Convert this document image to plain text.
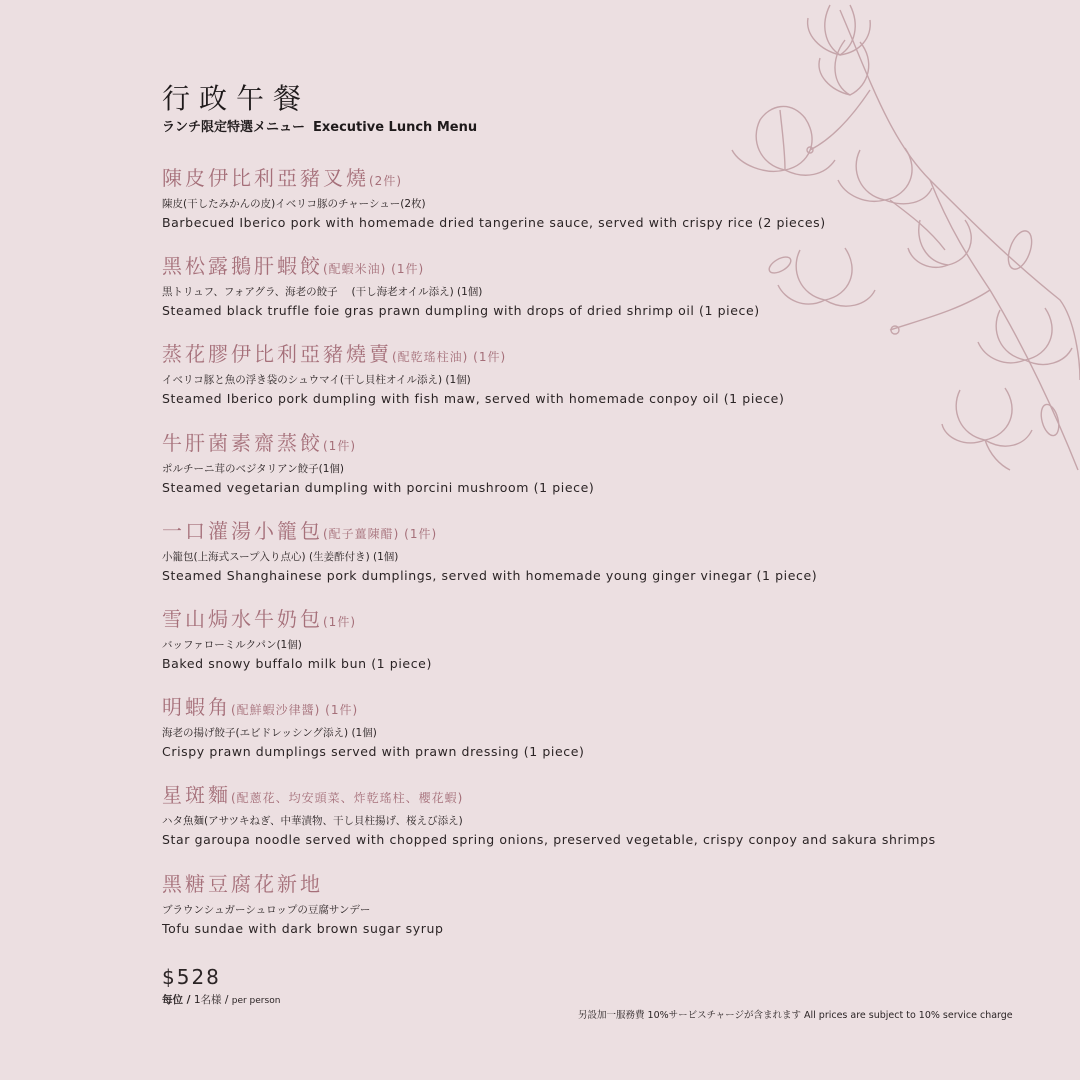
行政午餐
ランチ限定特選メニュー Executive Lunch Menu
陳皮伊比利亞豬叉燒(2件)
陳皮(干したみかんの皮)イベリコ豚のチャーシュー(2枚)
Barbecued Iberico pork with homemade dried tangerine sauce, served with crispy rice (2 pieces)
黑松露鵝肝蝦餃(配蝦米油) (1件)
黒トリュフ、フォアグラ、海老の餃子 　(干し海老オイル添え) (1個)
Steamed black truffle foie gras prawn dumpling with drops of dried shrimp oil (1 piece)
蒸花膠伊比利亞豬燒賣(配乾瑤柱油) (1件)
イベリコ豚と魚の浮き袋のシュウマイ(干し貝柱オイル添え) (1個)
Steamed Iberico pork dumpling with fish maw, served with homemade conpoy oil (1 piece)
牛肝菌素齋蒸餃(1件)
ポルチーニ茸のベジタリアン餃子(1個)
Steamed vegetarian dumpling with porcini mushroom (1 piece)
一口灌湯小籠包(配子薑陳醋) (1件)
小籠包(上海式スープ入り点心) (生姜酢付き) (1個)
Steamed Shanghainese pork dumplings, served with homemade young ginger vinegar (1 piece)
雪山焗水牛奶包(1件)
バッファローミルクパン(1個)
Baked snowy buffalo milk bun (1 piece)
明蝦角(配鮮蝦沙律醬) (1件)
海老の揚げ餃子(エビドレッシング添え) (1個)
Crispy prawn dumplings served with prawn dressing (1 piece)
星斑麵(配蔥花、均安頭菜、炸乾瑤柱、櫻花蝦)
ハタ魚麺(アサツキねぎ、中華漬物、干し貝柱揚げ、桜えび添え)
Star garoupa noodle served with chopped spring onions, preserved vegetable, crispy conpoy and sakura shrimps
黑糖豆腐花新地
ブラウンシュガーシュロップの豆腐サンデー
Tofu sundae with dark brown sugar syrup
$528
每位 / 1名様 / per person
另設加一服務費 10%サービスチャージが含まれます All prices are subject to 10% service charge
